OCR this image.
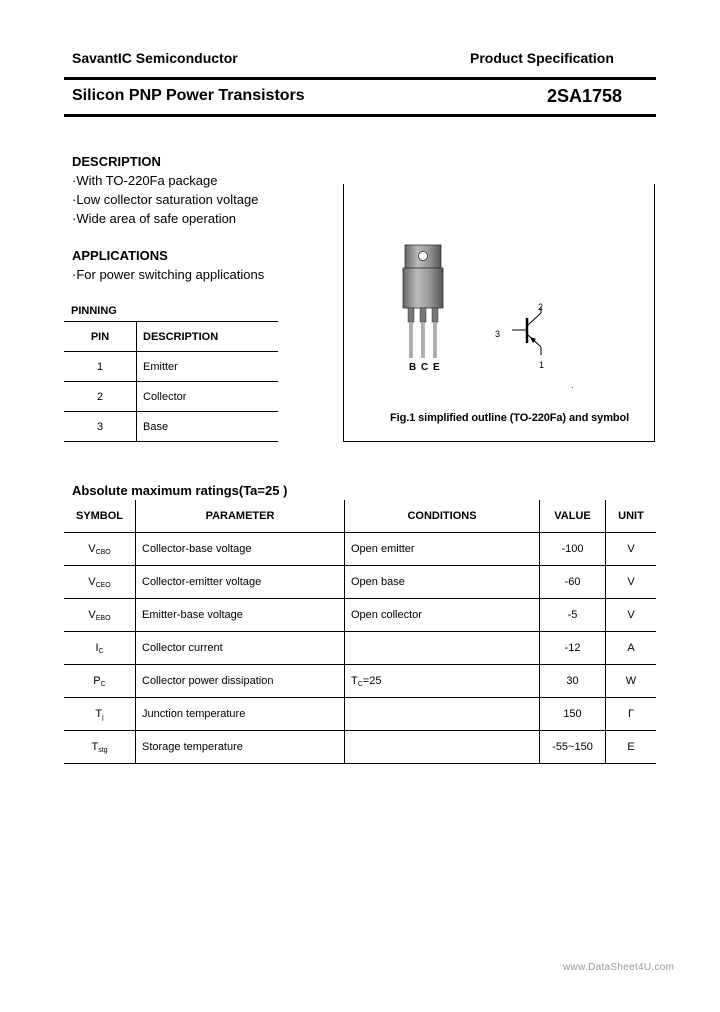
SavantIC Semiconductor	Product Specification
Silicon PNP Power Transistors	2SA1758
DESCRIPTION
·With TO-220Fa package
·Low collector saturation voltage
·Wide area of safe operation
APPLICATIONS
·For power switching applications
PINNING	
PIN	DESCRIPTION
1	Emitter
2	Collector
3	Base
B C E
2
3
1
·
Fig.1 simplified outline (TO-220Fa) and symbol
Absolute maximum ratings(Ta=25 )
SYMBOL	PARAMETER	CONDITIONS	VALUE	UNIT
VCBO	Collector-base voltage	Open emitter	-100	V
VCEO	Collector-emitter voltage	Open base	-60	V
VEBO	Emitter-base voltage	Open collector	-5	V
IC	Collector current		-12	A
PC	Collector power dissipation	TC=25	30	W
Tj	Junction temperature		150	Γ
Tstg	Storage temperature		-55~150	Ε
www.DataSheet4U.com
